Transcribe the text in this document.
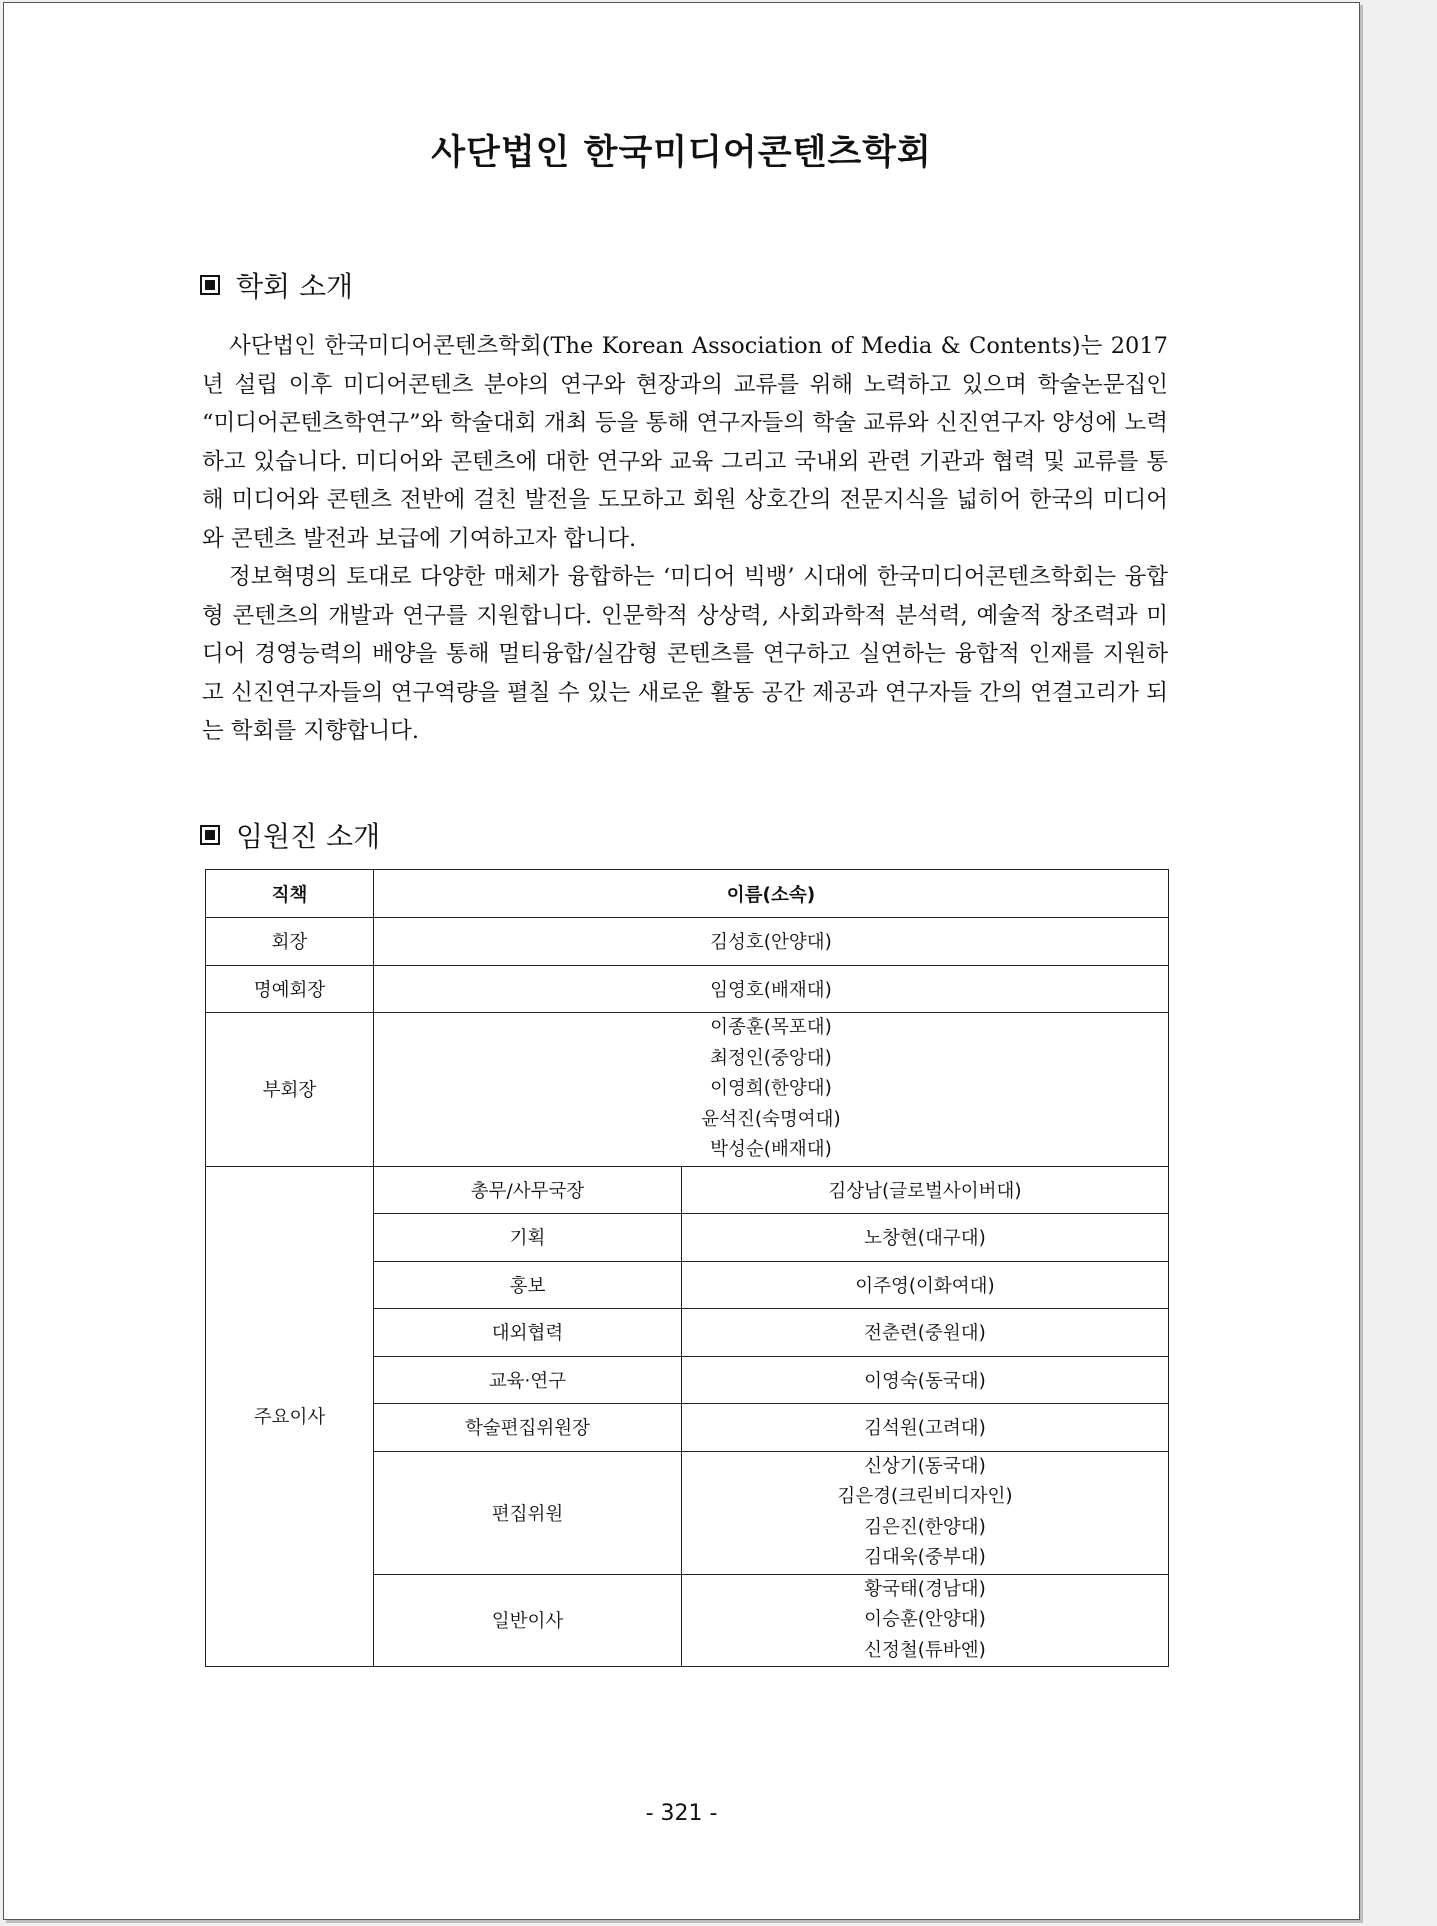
사단법인 한국미디어콘텐츠학회
학회 소개

사단법인 한국미디어콘텐츠학회(The Korean Association of Media & Contents)는 2017년 설립 이후 미디어콘텐츠 분야의 연구와 현장과의 교류를 위해 노력하고 있으며 학술논문집인 “미디어콘텐츠학연구”와 학술대회 개최 등을 통해 연구자들의 학술 교류와 신진연구자 양성에 노력하고 있습니다. 미디어와 콘텐츠에 대한 연구와 교육 그리고 국내외 관련 기관과 협력 및 교류를 통해 미디어와 콘텐츠 전반에 걸친 발전을 도모하고 회원 상호간의 전문지식을 넓히어 한국의 미디어와 콘텐츠 발전과 보급에 기여하고자 합니다.

정보혁명의 토대로 다양한 매체가 융합하는 ‘미디어 빅뱅’ 시대에 한국미디어콘텐츠학회는 융합형 콘텐츠의 개발과 연구를 지원합니다. 인문학적 상상력, 사회과학적 분석력, 예술적 창조력과 미디어 경영능력의 배양을 통해 멀티융합/실감형 콘텐츠를 연구하고 실연하는 융합적 인재를 지원하고 신진연구자들의 연구역량을 펼칠 수 있는 새로운 활동 공간 제공과 연구자들 간의 연결고리가 되는 학회를 지향합니다.

임원진 소개
직책	이름(소속)	
회장	김성호(안양대)	
명예회장	임영호(배재대)	
부회장	이종훈(목포대)
최정인(중앙대)
이영희(한양대)
윤석진(숙명여대)
박성순(배재대)	

주요이사	총무/사무국장	김상남(글로벌사이버대)
	기획	노창현(대구대)
	홍보	이주영(이화여대)
	대외협력	전춘련(중원대)
	교육·연구	이영숙(동국대)
	학술편집위원장	김석원(고려대)
	편집위원	신상기(동국대)
김은경(크린비디자인)
김은진(한양대)
김대욱(중부대)

	일반이사	황국태(경남대)
이승훈(안양대)
신정철(튜바엔)
- 321 -
